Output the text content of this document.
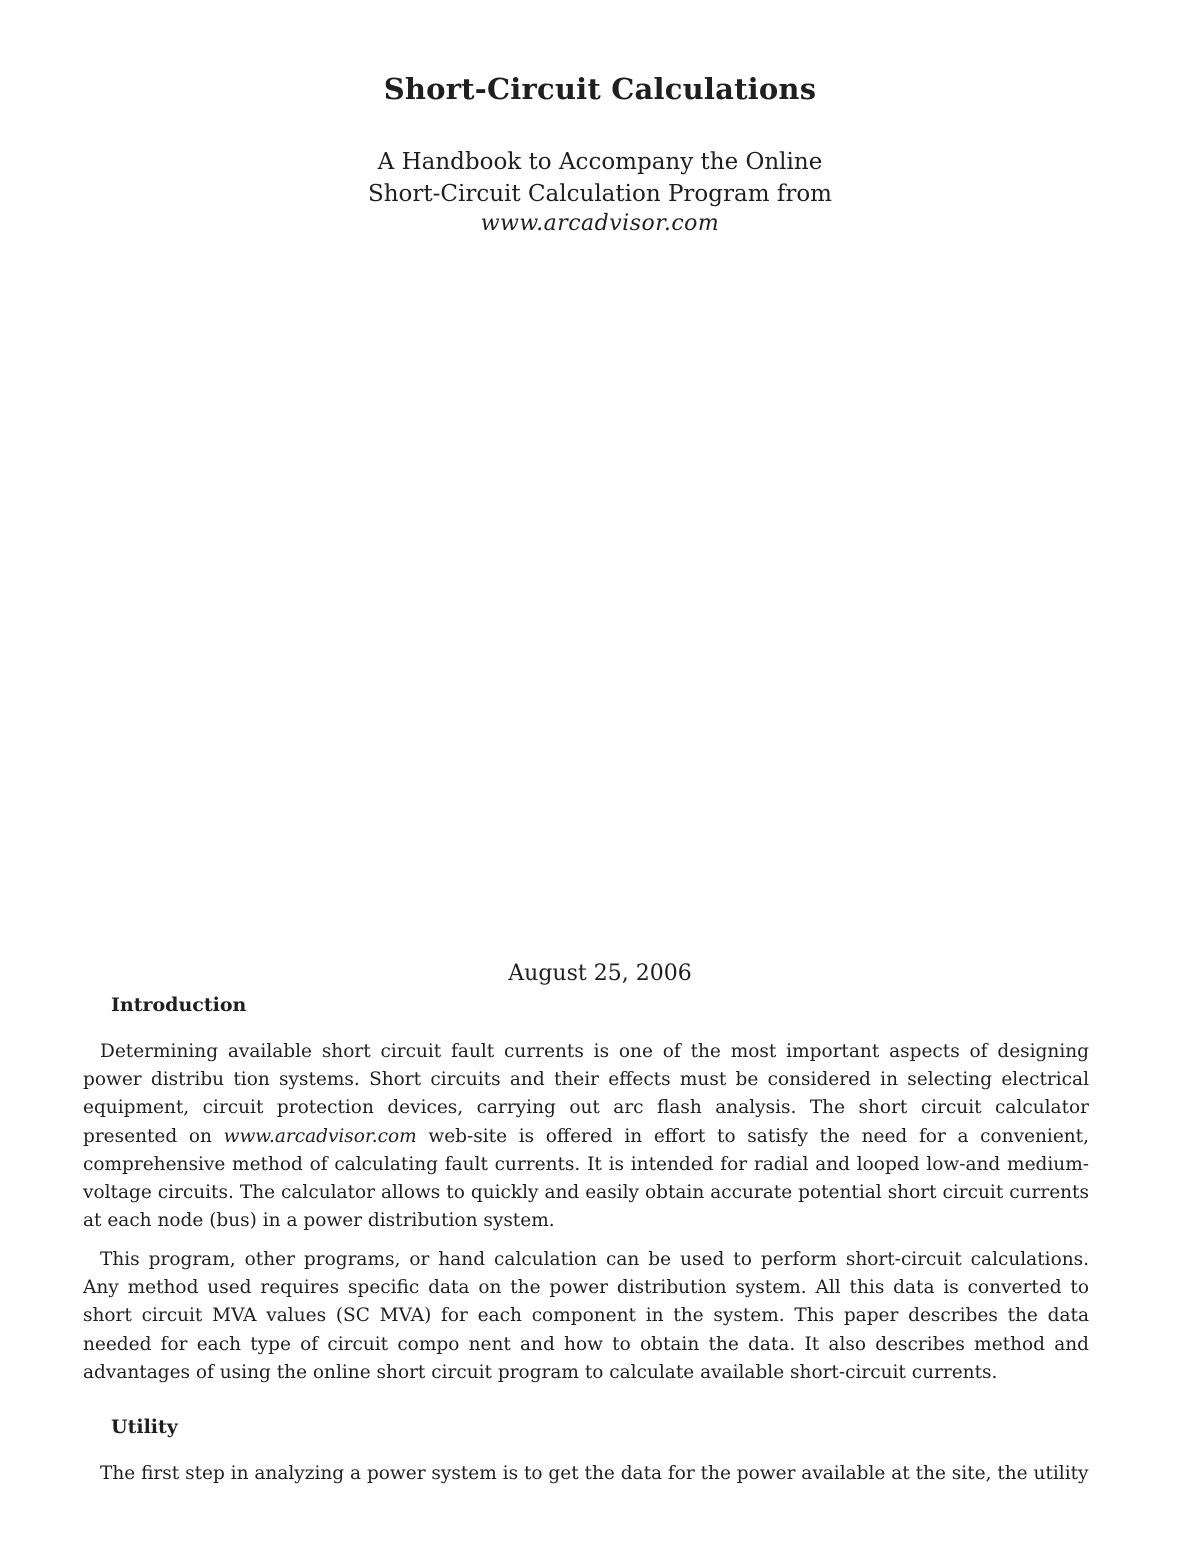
Short-Circuit Calculations
A Handbook to Accompany the Online
Short-Circuit Calculation Program from
www.arcadvisor.com
August 25, 2006
Introduction

Determining available short circuit fault currents is one of the most important aspects of designing power distribu tion systems. Short circuits and their effects must be considered in selecting electrical equipment, circuit protection devices, carrying out arc flash analysis. The short circuit calculator presented on www.arcadvisor.com web-site is offered in effort to satisfy the need for a convenient, comprehensive method of calculating fault currents. It is intended for radial and looped low-and medium-voltage circuits. The calculator allows to quickly and easily obtain accurate potential short circuit currents at each node (bus) in a power distribution system.

This program, other programs, or hand calculation can be used to perform short-circuit calculations. Any method used requires specific data on the power distribution system. All this data is converted to short circuit MVA values (SC MVA) for each component in the system. This paper describes the data needed for each type of circuit compo nent and how to obtain the data. It also describes method and advantages of using the online short circuit program to calculate available short-circuit currents.

Utility

The first step in analyzing a power system is to get the data for the power available at the site, the utility
